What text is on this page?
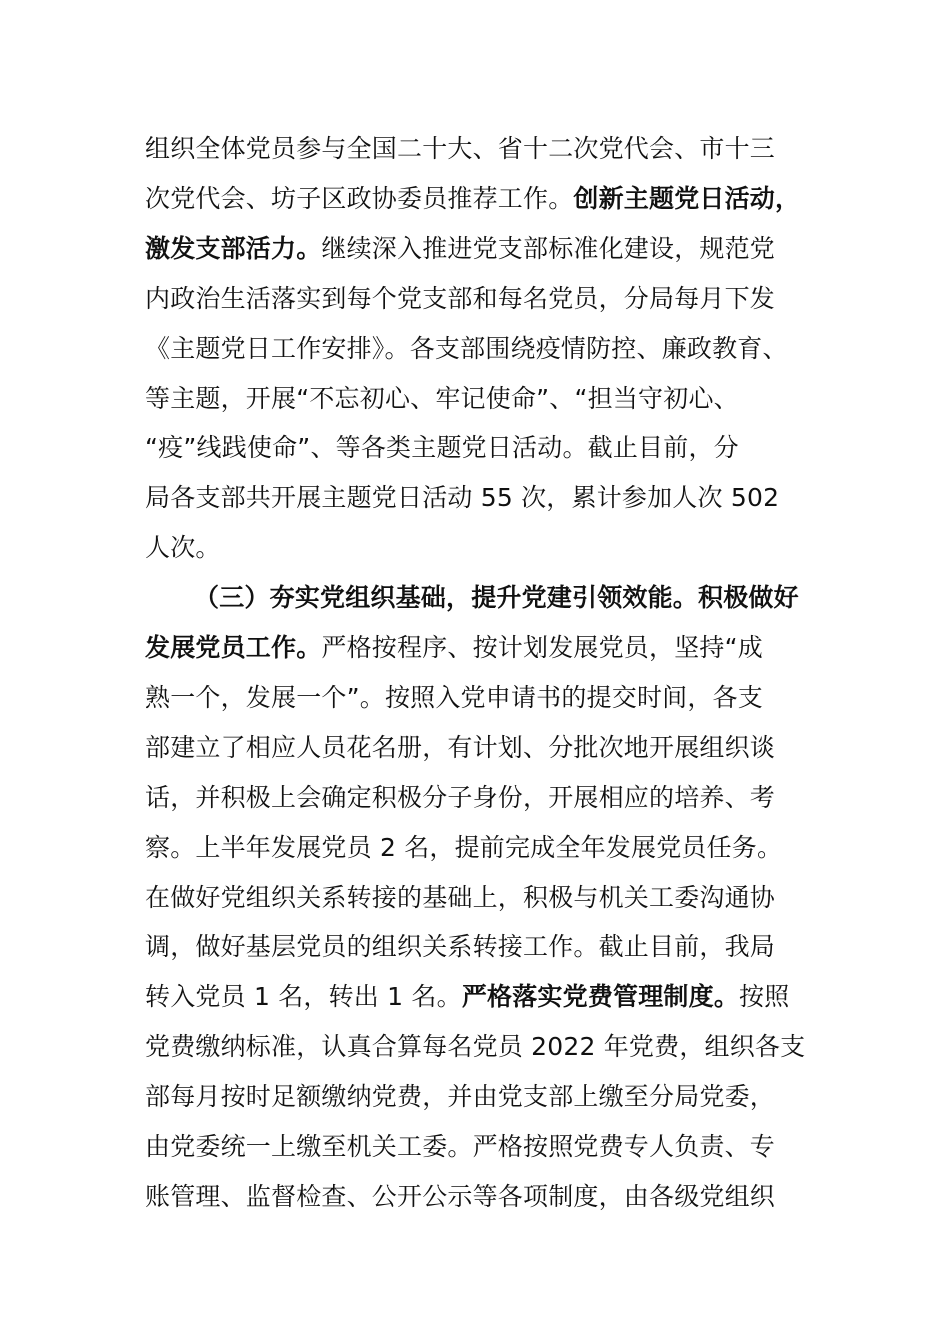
组织全体党员参与全国二十大、省十二次党代会、市十三
次党代会、坊子区政协委员推荐工作。创新主题党日活动，
激发支部活力。继续深入推进党支部标准化建设，规范党
内政治生活落实到每个党支部和每名党员，分局每月下发
《主题党日工作安排》。各支部围绕疫情防控、廉政教育、
等主题，开展“不忘初心、牢记使命”、“担当守初心、
“疫”线践使命”、等各类主题党日活动。截止目前，分
局各支部共开展主题党日活动 55 次，累计参加人次 502
人次。
（三）夯实党组织基础，提升党建引领效能。积极做好
发展党员工作。严格按程序、按计划发展党员，坚持“成
熟一个，发展一个”。按照入党申请书的提交时间，各支
部建立了相应人员花名册，有计划、分批次地开展组织谈
话，并积极上会确定积极分子身份，开展相应的培养、考
察。上半年发展党员 2 名，提前完成全年发展党员任务。
在做好党组织关系转接的基础上，积极与机关工委沟通协
调，做好基层党员的组织关系转接工作。截止目前，我局
转入党员 1 名，转出 1 名。严格落实党费管理制度。按照
党费缴纳标准，认真合算每名党员 2022 年党费，组织各支
部每月按时足额缴纳党费，并由党支部上缴至分局党委，
由党委统一上缴至机关工委。严格按照党费专人负责、专
账管理、监督检查、公开公示等各项制度，由各级党组织
